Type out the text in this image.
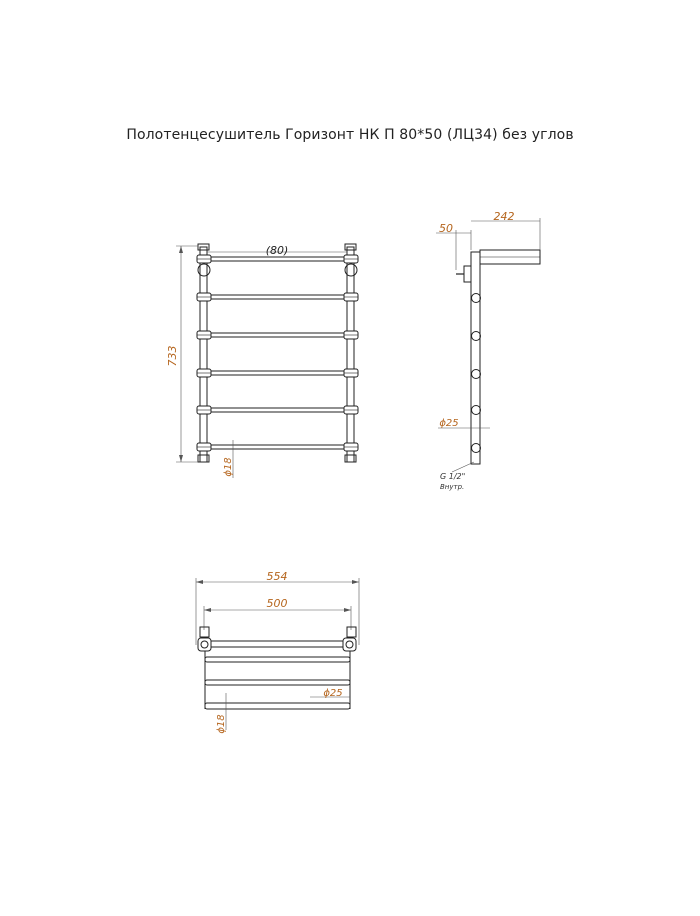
Полотенцесушитель Горизонт НК П 80*50 (ЛЦ34) без углов
(80)
733
ϕ18
50
242
ϕ25
G 1/2"
Внутр.
554
500
ϕ25
ϕ18
